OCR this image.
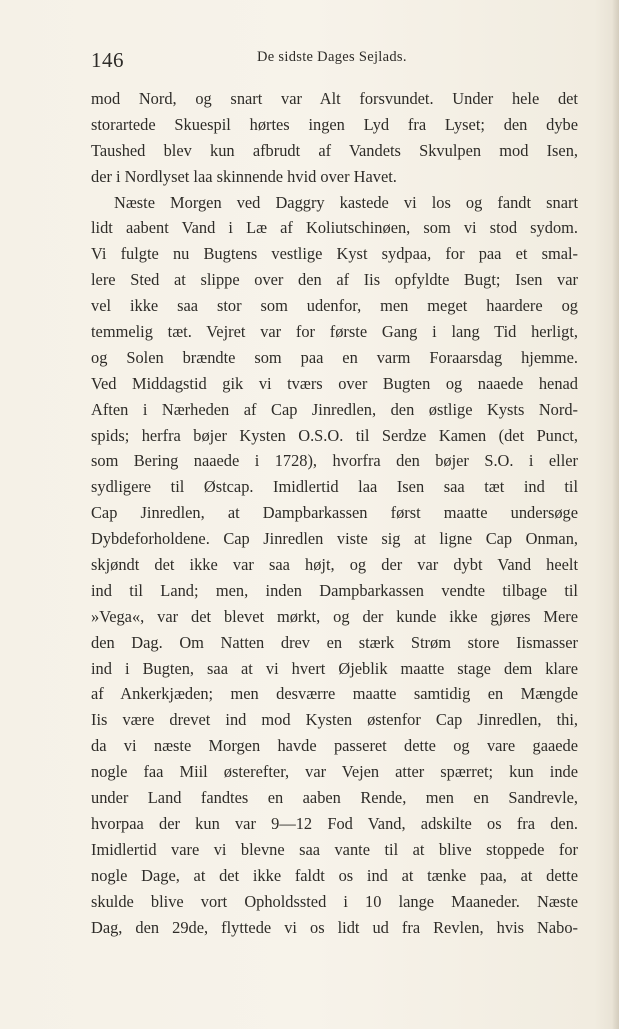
146	De sidste Dages Sejlads.
mod Nord, og snart var Alt forsvundet. Under hele det
storartede Skuespil hørtes ingen Lyd fra Lyset; den dybe
Taushed blev kun afbrudt af Vandets Skvulpen mod Isen,
der i Nordlyset laa skinnende hvid over Havet.
Næste Morgen ved Daggry kastede vi los og fandt snart
lidt aabent Vand i Læ af Koliutschinøen, som vi stod sydom.
Vi fulgte nu Bugtens vestlige Kyst sydpaa, for paa et smal-
lere Sted at slippe over den af Iis opfyldte Bugt; Isen var
vel ikke saa stor som udenfor, men meget haardere og
temmelig tæt. Vejret var for første Gang i lang Tid herligt,
og Solen brændte som paa en varm Foraarsdag hjemme.
Ved Middagstid gik vi tværs over Bugten og naaede henad
Aften i Nærheden af Cap Jinredlen, den østlige Kysts Nord-
spids; herfra bøjer Kysten O.S.O. til Serdze Kamen (det Punct,
som Bering naaede i 1728), hvorfra den bøjer S.O. i eller
sydligere til Østcap. Imidlertid laa Isen saa tæt ind til
Cap Jinredlen, at Dampbarkassen først maatte undersøge
Dybdeforholdene. Cap Jinredlen viste sig at ligne Cap Onman,
skjøndt det ikke var saa højt, og der var dybt Vand heelt
ind til Land; men, inden Dampbarkassen vendte tilbage til
»Vega«, var det blevet mørkt, og der kunde ikke gjøres Mere
den Dag. Om Natten drev en stærk Strøm store Iismasser
ind i Bugten, saa at vi hvert Øjeblik maatte stage dem klare
af Ankerkjæden; men desværre maatte samtidig en Mængde
Iis være drevet ind mod Kysten østenfor Cap Jinredlen, thi,
da vi næste Morgen havde passeret dette og vare gaaede
nogle faa Miil østerefter, var Vejen atter spærret; kun inde
under Land fandtes en aaben Rende, men en Sandrevle,
hvorpaa der kun var 9—12 Fod Vand, adskilte os fra den.
Imidlertid vare vi blevne saa vante til at blive stoppede for
nogle Dage, at det ikke faldt os ind at tænke paa, at dette
skulde blive vort Opholdssted i 10 lange Maaneder. Næste
Dag, den 29de, flyttede vi os lidt ud fra Revlen, hvis Nabo-
